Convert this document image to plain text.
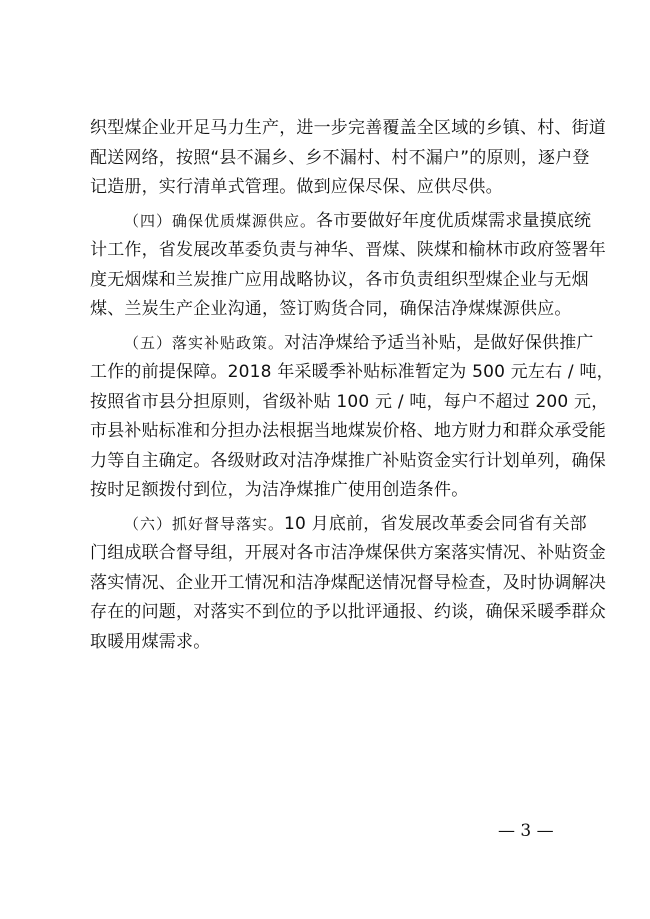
织型煤企业开足马力生产，进一步完善覆盖全区域的乡镇、村、街道
配送网络，按照“县不漏乡、乡不漏村、村不漏户”的原则，逐户登
记造册，实行清单式管理。做到应保尽保、应供尽供。
（四）确保优质煤源供应。各市要做好年度优质煤需求量摸底统
计工作，省发展改革委负责与神华、晋煤、陕煤和榆林市政府签署年
度无烟煤和兰炭推广应用战略协议，各市负责组织型煤企业与无烟
煤、兰炭生产企业沟通，签订购货合同，确保洁净煤煤源供应。
（五）落实补贴政策。对洁净煤给予适当补贴，是做好保供推广
工作的前提保障。2018 年采暖季补贴标准暂定为 500 元左右 / 吨，
按照省市县分担原则，省级补贴 100 元 / 吨，每户不超过 200 元，
市县补贴标准和分担办法根据当地煤炭价格、地方财力和群众承受能
力等自主确定。各级财政对洁净煤推广补贴资金实行计划单列，确保
按时足额拨付到位，为洁净煤推广使用创造条件。
（六）抓好督导落实。10 月底前，省发展改革委会同省有关部
门组成联合督导组，开展对各市洁净煤保供方案落实情况、补贴资金
落实情况、企业开工情况和洁净煤配送情况督导检查，及时协调解决
存在的问题，对落实不到位的予以批评通报、约谈，确保采暖季群众
取暖用煤需求。
— 3 —
